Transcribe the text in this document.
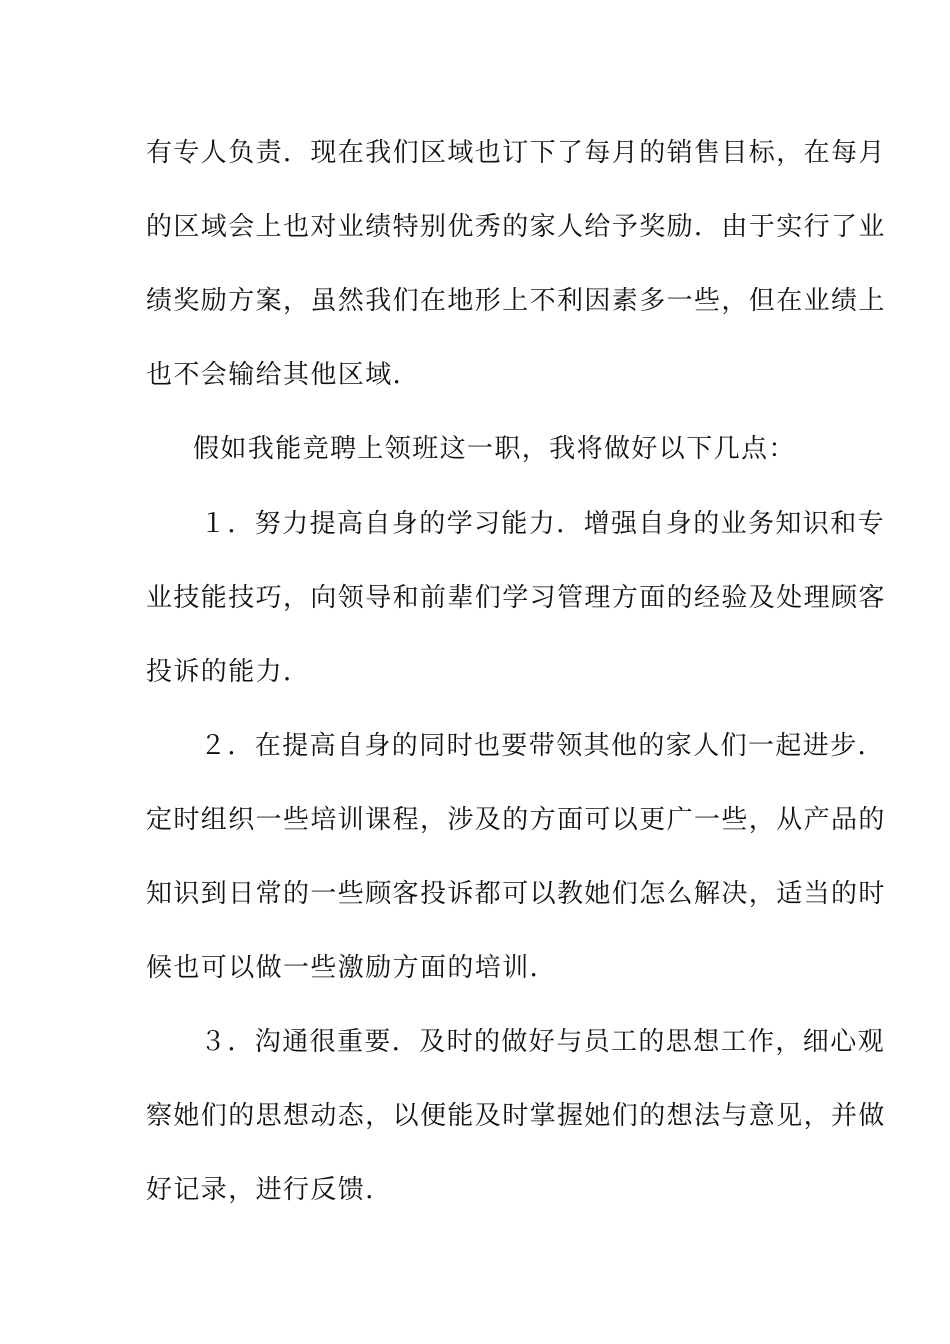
有专人负责．现在我们区域也订下了每月的销售目标，在每月
的区域会上也对业绩特别优秀的家人给予奖励．由于实行了业
绩奖励方案，虽然我们在地形上不利因素多一些，但在业绩上
也不会输给其他区域．
假如我能竞聘上领班这一职，我将做好以下几点：
１．努力提高自身的学习能力．增强自身的业务知识和专
业技能技巧，向领导和前辈们学习管理方面的经验及处理顾客
投诉的能力．
２．在提高自身的同时也要带领其他的家人们一起进步．
定时组织一些培训课程，涉及的方面可以更广一些，从产品的
知识到日常的一些顾客投诉都可以教她们怎么解决，适当的时
候也可以做一些激励方面的培训．
３．沟通很重要．及时的做好与员工的思想工作，细心观
察她们的思想动态，以便能及时掌握她们的想法与意见，并做
好记录，进行反馈．
